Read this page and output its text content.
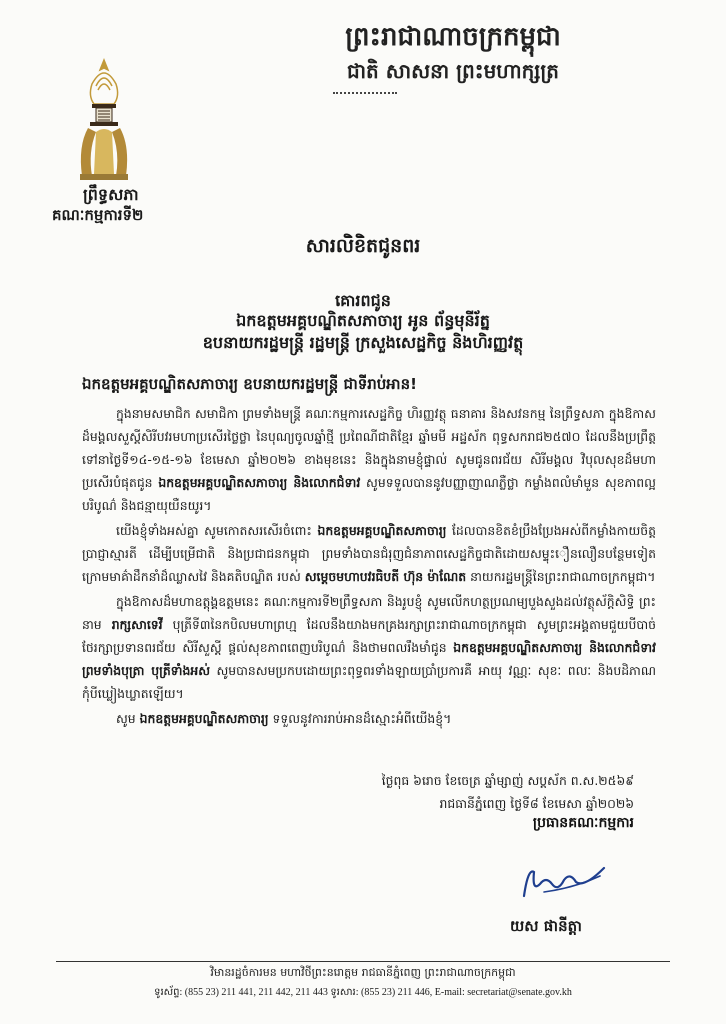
ព្រះរាជាណាចក្រកម្ពុជា
ជាតិ សាសនា ព្រះមហាក្សត្រ
ព្រឹទ្ធសភា
គណៈកម្មការទី២
សារលិខិតជូនពរ
គោរពជូន
ឯកឧត្ដមអគ្គបណ្ឌិតសភាចារ្យ អូន ព័ន្ធមុនីរ័ត្ន
ឧបនាយករដ្ឋមន្រ្តី រដ្ឋមន្រ្តី ក្រសួងសេដ្ឋកិច្ច និងហិរញ្ញវត្ថុ
ឯកឧត្ដមអគ្គបណ្ឌិតសភាចារ្យ ឧបនាយករដ្ឋមន្រ្តី ជាទីរាប់អាន!

ក្នុងនាមសមាជិក សមាជិកា ព្រមទាំងមន្រ្តី គណៈកម្មការសេដ្ឋកិច្ច ហិរញ្ញវត្ថុ ធនាគារ និងសវនកម្ម នៃព្រឹទ្ធសភា ក្នុងឱកាសដ៏មង្គលសួស្ដីសិរីបវរមហាប្រសើរថ្លៃថ្លា នៃបុណ្យចូលឆ្នាំថ្មី ប្រពៃណីជាតិខ្មែរ ឆ្នាំមមី អដ្ឋស័ក ពុទ្ធសករាជ២៥៧០ ដែលនឹងប្រព្រឹត្តទៅនាថ្ងៃទី១៤-១៥-១៦ ខែមេសា ឆ្នាំ២០២៦ ខាងមុខនេះ និងក្នុងនាមខ្ញុំផ្ទាល់ សូមជូនពរជ័យ សិរីមង្គល វិបុលសុខដ៏មហាប្រសើរបំផុតជូន ឯកឧត្ដមអគ្គបណ្ឌិតសភាចារ្យ និងលោកជំទាវ សូមទទួលបាននូវបញ្ញាញាណភ្លឺថ្លា កម្លាំងពលំមាំមួន សុខភាពល្អបរិបូណ៌ និងជន្មាយុយឺនយូរ។

យើងខ្ញុំទាំងអស់គ្នា សូមកោតសរសើរចំពោះ ឯកឧត្ដមអគ្គបណ្ឌិតសភាចារ្យ ដែលបានខិតខំប្រឹងប្រែងអស់ពីកម្លាំងកាយចិត្ត ប្រាជ្ញាស្មារតី ដើម្បីបម្រើជាតិ និងប្រជាជនកម្ពុជា ព្រមទាំងបានជំរុញជំនាភាពសេដ្ឋកិច្ចជាតិដោយសម្ទុះឿនលឿនបន្ថែមទៀត ក្រោមមាគ៌ាដឹកនាំដ៏ឈ្លាសវៃ និងគតិបណ្ឌិត របស់ សម្ដេចមហាបវរធិបតី ហ៊ុន ម៉ាណែត នាយករដ្ឋមន្រ្តីនៃព្រះរាជាណាចក្រកម្ពុជា។

ក្នុងឱកាសដ៏មហាឧត្ដុង្គឧត្ដមនេះ គណៈកម្មការទី២ព្រឹទ្ធសភា និងរូបខ្ញុំ សូមលើកហត្ថប្រណម្យបួងសួងដល់វត្ថុស័ក្ដិសិទ្ធិ ព្រះនាម រាក្សសាទេវី បុត្រីទី៣នៃកបិលមហាព្រហ្ម ដែលនឹងយាងមកគ្រងរក្សាព្រះរាជាណាចក្រកម្ពុជា សូមព្រះអង្គតាមជួយបីបាច់ថែរក្សាប្រទានពរជ័យ សិរីសួស្ដី ផ្ដល់សុខភាពពេញបរិបូណ៌ និងថាមពលរឹងមាំជូន ឯកឧត្ដមអគ្គបណ្ឌិតសភាចារ្យ និងលោកជំទាវ ព្រមទាំងបុត្រា បុត្រីទាំងអស់ សូមបានសមប្រកបដោយព្រះពុទ្ធពរទាំងឡាយប្រាំប្រការគឺ អាយុ វណ្ណៈ សុខៈ ពលៈ និងបដិភាណ កុំបីឃ្លៀងឃ្លាតឡើយ។

សូម ឯកឧត្ដមអគ្គបណ្ឌិតសភាចារ្យ ទទួលនូវការរាប់អានដ៏ស្មោះអំពីយើងខ្ញុំ។

ថ្ងៃពុធ ៦រោច ខែចេត្រ ឆ្នាំម្សាញ់ សប្តស័ក ព.ស.២៥៦៩
រាជធានីភ្នំពេញ ថ្ងៃទី៨ ខែមេសា ឆ្នាំ២០២៦
ប្រធានគណៈកម្មការ
យស ផានីត្តា
វិមានរដ្ឋចំការមន មហាវិថីព្រះនរោត្តម រាជធានីភ្នំពេញ ព្រះរាជាណាចក្រកម្ពុជា
ទូរស័ព្ទ: (855 23) 211 441, 211 442, 211 443 ទូរសារ: (855 23) 211 446, E-mail: secretariat@senate.gov.kh
